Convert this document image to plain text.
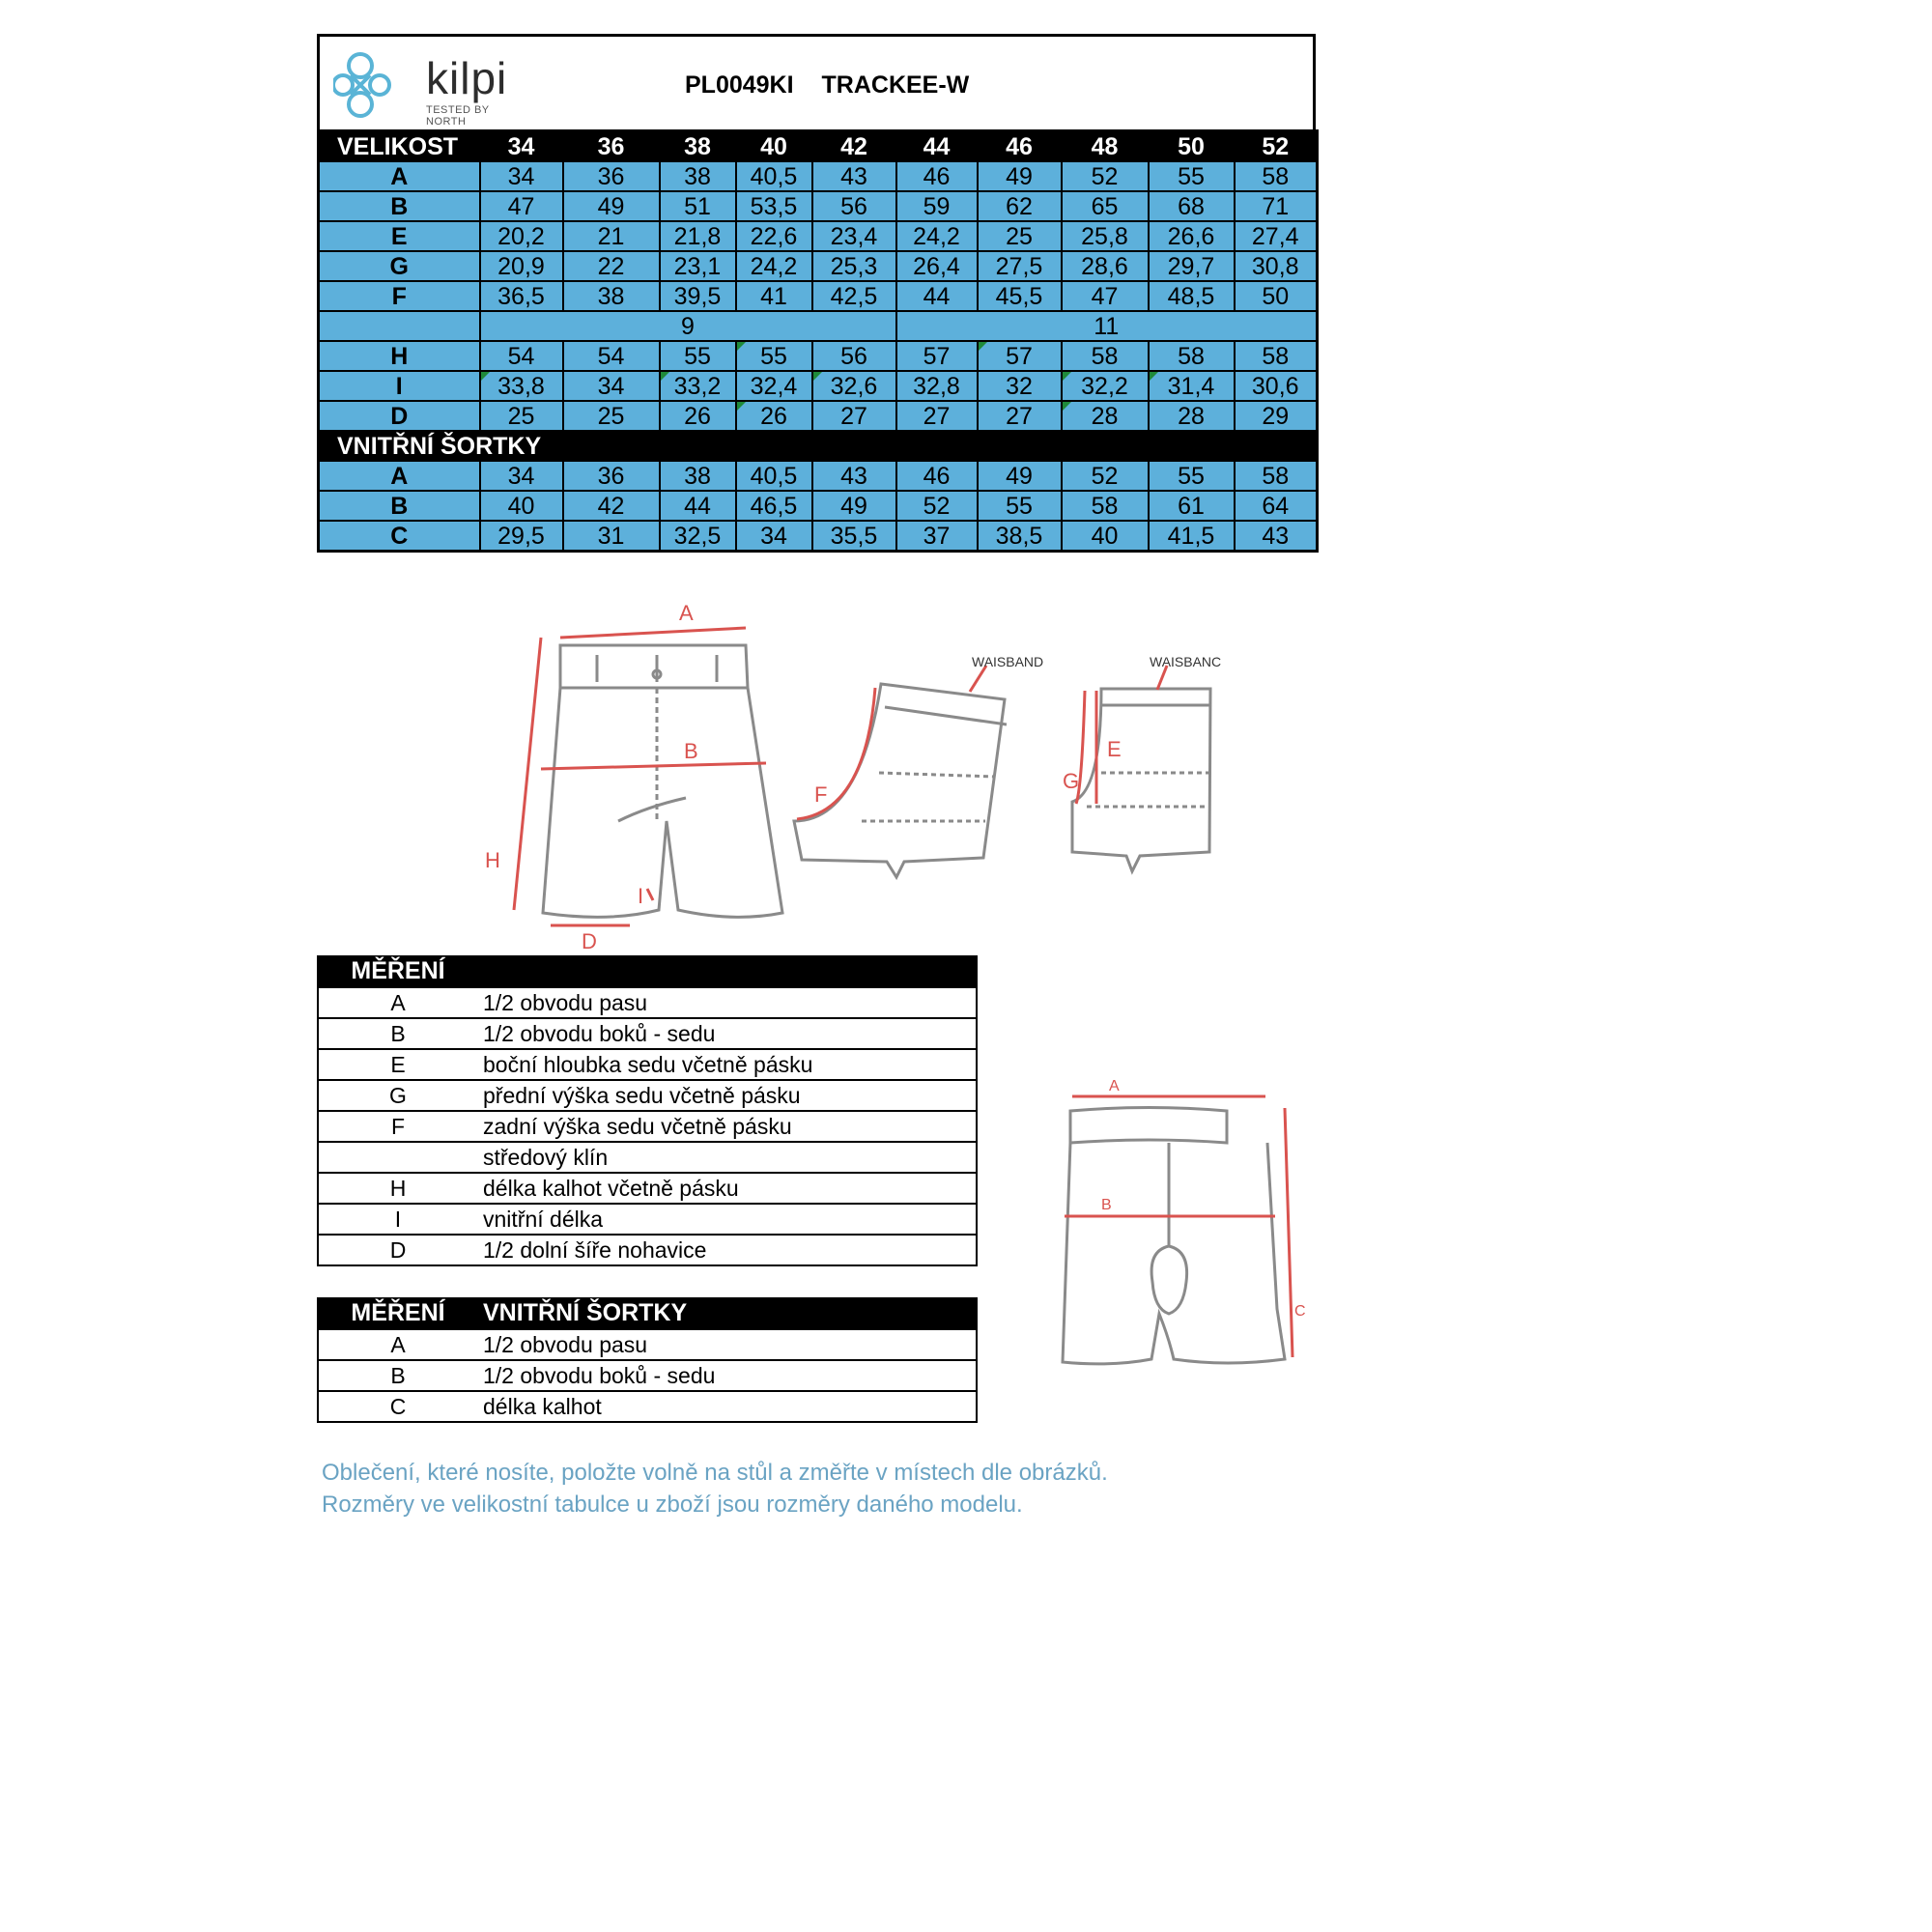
kilpi
TESTED BY NORTH
PL0049KI TRACKEE-W
VELIKOST	34	36	38	40	42	44	46	48	50	52
A	34	36	38	40,5	43	46	49	52	55	58
B	47	49	51	53,5	56	59	62	65	68	71
E	20,2	21	21,8	22,6	23,4	24,2	25	25,8	26,6	27,4
G	20,9	22	23,1	24,2	25,3	26,4	27,5	28,6	29,7	30,8
F	36,5	38	39,5	41	42,5	44	45,5	47	48,5	50
	9					11				
H	54	54	55	55	56	57	57	58	58	58
I	33,8	34	33,2	32,4	32,6	32,8	32	32,2	31,4	30,6
D	25	25	26	26	27	27	27	28	28	29
VNITŘNÍ ŠORTKY										
A	34	36	38	40,5	43	46	49	52	55	58
B	40	42	44	46,5	49	52	55	58	61	64
C	29,5	31	32,5	34	35,5	37	38,5	40	41,5	43
A
B
H
I
D
F
WAISBAND
E
G
WAISBANC
A
B
C
MĚŘENÍ	
A	1/2 obvodu pasu
B	1/2 obvodu boků - sedu
E	boční hloubka sedu včetně pásku
G	přední výška sedu včetně pásku
F	zadní výška sedu včetně pásku
	středový klín
H	délka kalhot včetně pásku
I	vnitřní délka
D	1/2 dolní šíře nohavice
MĚŘENÍ	VNITŘNÍ ŠORTKY
A	1/2 obvodu pasu
B	1/2 obvodu boků - sedu
C	délka kalhot
Oblečení, které nosíte, položte volně na stůl a změřte v místech dle obrázků.
Rozměry ve velikostní tabulce u zboží jsou rozměry daného modelu.
